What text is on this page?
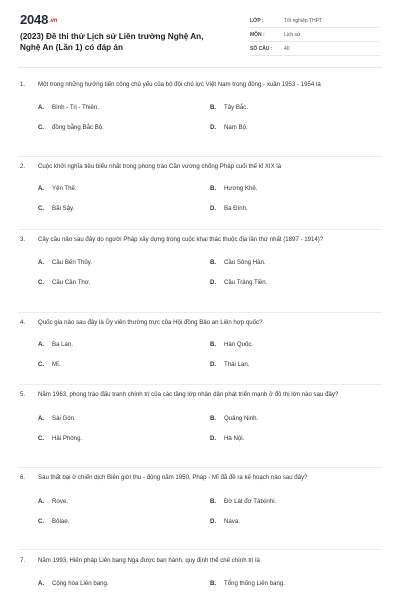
2048.vn
(2023) Đề thi thử Lịch sử Liên trường Nghệ An, Nghệ An (Lần 1) có đáp án
LỚP :	Tốt nghiệp THPT
MÔN :	Lịch sử
SỐ CÂU :	40
1.	Một trong những hướng tiến công chủ yếu của bộ đội chủ lực Việt Nam trong đông - xuân 1953 - 1954 là
A.	Bình - Trị - Thiên.	B.	Tây Bắc.
C.	đồng bằng Bắc Bộ.	D.	Nam Bộ.
2.	Cuộc khởi nghĩa tiêu biểu nhất trong phong trào Cần vương chống Pháp cuối thế kỉ XIX là
A.	Yên Thế.	B.	Hương Khê.
C.	Bãi Sậy.	D.	Ba Đình.
3.	Cây cầu nào sau đây do người Pháp xây dựng trong cuộc khai thác thuộc địa lần thứ nhất (1897 - 1914)?
A.	Cầu Bến Thủy.	B.	Cầu Sông Hàn.
C.	Cầu Cần Thơ.	D.	Cầu Tràng Tiền.
4.	Quốc gia nào sau đây là Ủy viên thường trực của Hội đồng Bảo an Liên hợp quốc?
A.	Ba Lan.	B.	Hàn Quốc.
C.	Mĩ.	D.	Thái Lan.
5.	Năm 1963, phong trào đấu tranh chính trị của các tầng lớp nhân dân phát triển mạnh ở đô thị lớn nào sau đây?
A.	Sài Gòn.	B.	Quảng Ninh.
C.	Hải Phòng.	D.	Hà Nội.
6.	Sau thất bại ở chiến dịch Biên giới thu - đông năm 1950, Pháp - Mĩ đã đề ra kế hoạch nào sau đây?
A.	Rove.	B.	Đờ Lát đơ Tátxinhi.
C.	Bôlae.	D.	Nava.
7.	Năm 1993, Hiến pháp Liên bang Nga được ban hành, quy định thể chế chính trị là
A.	Cộng hòa Liên bang.	B.	Tổng thống Liên bang.
